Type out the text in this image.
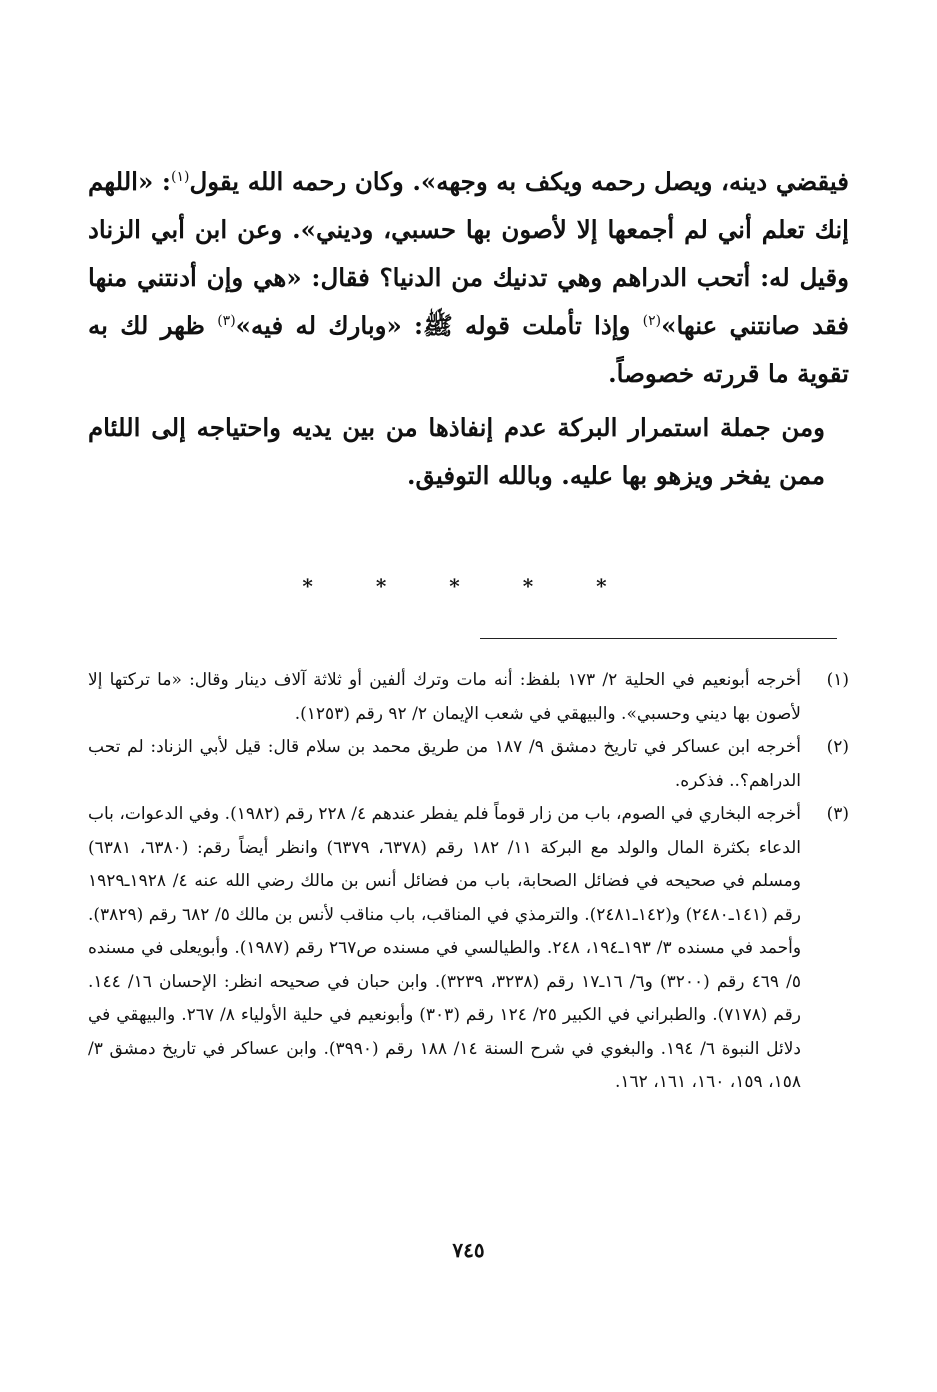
فيقضي دينه، ويصل رحمه ويكف به وجهه». وكان رحمه الله يقول$^{(١)}$: «اللهم إنك تعلم أني لم أجمعها إلا لأصون بها حسبي، وديني». وعن ابن أبي الزناد وقيل له: أتحب الدراهم وهي تدنيك من الدنيا؟ فقال: «هي وإن أدنتني منها فقد صانتني عنها»$^{(٢)}$ وإذا تأملت قوله ﷺ: «وبارك له فيه»$^{(٣)}$ ظهر لك به تقوية ما قررته خصوصاً.

ومن جملة استمرار البركة عدم إنفاذها من بين يديه واحتياجه إلى اللئام ممن يفخر ويزهو بها عليه. وبالله التوفيق.

* * * * *
(١)
أخرجه أبونعيم في الحلية ٢/ ١٧٣ بلفظ: أنه مات وترك ألفين أو ثلاثة آلاف دينار وقال: «ما تركتها إلا لأصون بها ديني وحسبي». والبيهقي في شعب الإيمان ٢/ ٩٢ رقم (١٢٥٣).
(٢)
أخرجه ابن عساكر في تاريخ دمشق ٩/ ١٨٧ من طريق محمد بن سلام قال: قيل لأبي الزناد: لم تحب الدراهم؟.. فذكره.
(٣)
أخرجه البخاري في الصوم، باب من زار قوماً فلم يفطر عندهم ٤/ ٢٢٨ رقم (١٩٨٢). وفي الدعوات، باب الدعاء بكثرة المال والولد مع البركة ١١/ ١٨٢ رقم (٦٣٧٨، ٦٣٧٩) وانظر أيضاً رقم: (٦٣٨٠، ٦٣٨١) ومسلم في صحيحه في فضائل الصحابة، باب من فضائل أنس بن مالك رضي الله عنه ٤/ ١٩٢٨ـ١٩٢٩ رقم (١٤١ـ٢٤٨٠) و(١٤٢ـ٢٤٨١). والترمذي في المناقب، باب مناقب لأنس بن مالك ٥/ ٦٨٢ رقم (٣٨٢٩). وأحمد في مسنده ٣/ ١٩٣ـ١٩٤، ٢٤٨. والطيالسي في مسنده ص٢٦٧ رقم (١٩٨٧). وأبويعلى في مسنده ٥/ ٤٦٩ رقم (٣٢٠٠) و٦/ ١٦ـ١٧ رقم (٣٢٣٨، ٣٢٣٩). وابن حبان في صحيحه انظر: الإحسان ١٦/ ١٤٤. رقم (٧١٧٨). والطبراني في الكبير ٢٥/ ١٢٤ رقم (٣٠٣) وأبونعيم في حلية الأولياء ٨/ ٢٦٧. والبيهقي في دلائل النبوة ٦/ ١٩٤. والبغوي في شرح السنة ١٤/ ١٨٨ رقم (٣٩٩٠). وابن عساكر في تاريخ دمشق ٣/ ١٥٨، ١٥٩، ١٦٠، ١٦١، ١٦٢.
٧٤٥
